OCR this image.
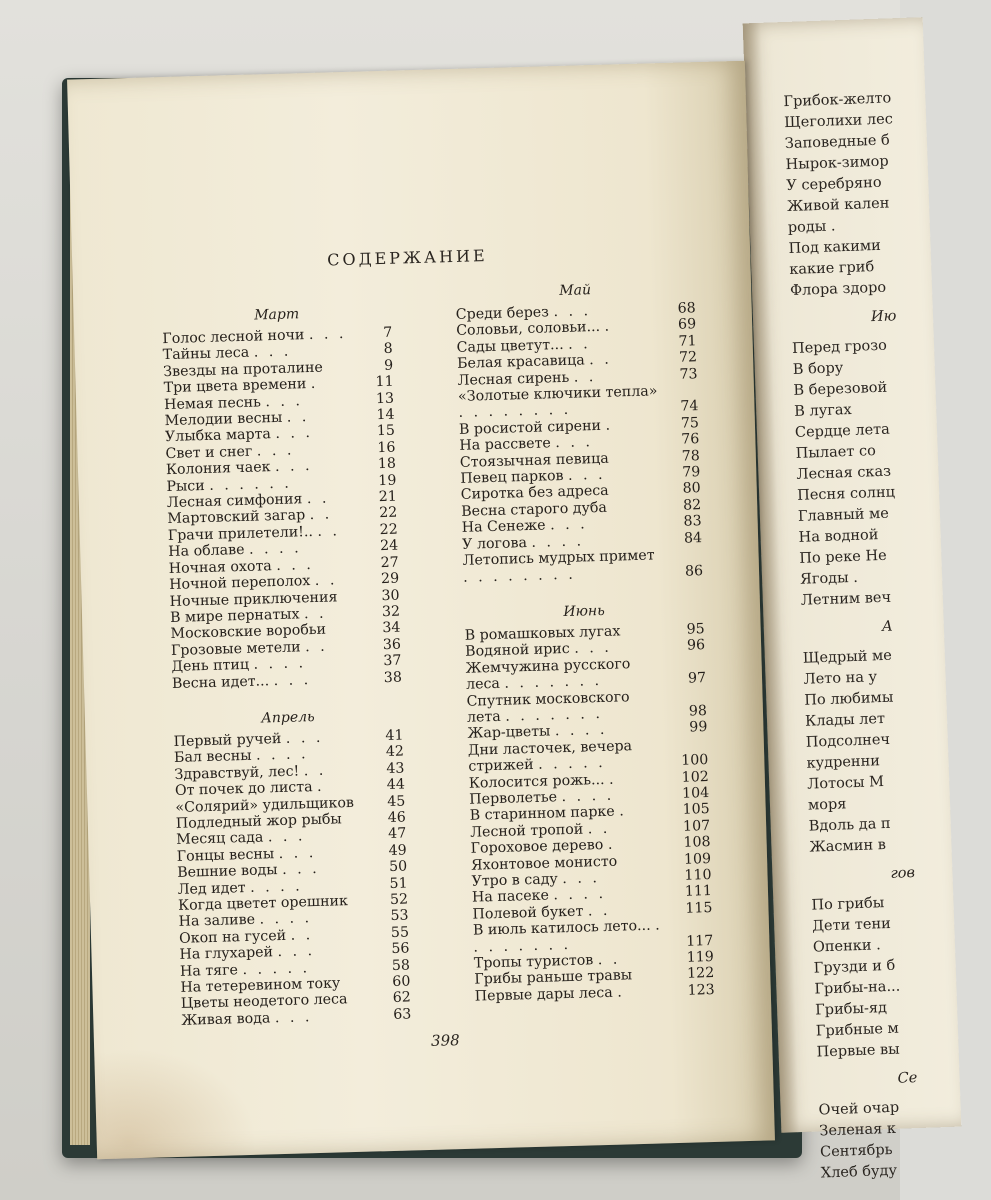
Грибок-желто
Щеголихи лес
Заповедные б
Нырок-зимор
У серебряно
Живой кален
роды .
Под какими
какие гриб
Флора здоро
Ию
Перед грозо
В бору
В березовой
В лугах
Сердце лета
Пылает со
Лесная сказ
Песня солнц
Главный ме
На водной
По реке Не
Ягоды .
Летним веч
А
Щедрый ме
Лето на у
По любимы
Клады лет
Подсолнеч
кудренни
Лотосы М
моря
Вдоль да п
Жасмин в
гов
По грибы
Дети тени
Опенки .
Грузди и б
Грибы-на...
Грибы-яд
Грибные м
Первые вы
Се
Очей очар
Зеленая к
Сентябрь
Хлеб буду
СОДЕРЖАНИЕ
Март
Голос лесной ночи . . .	7
Тайны леса . . .	8
Звезды на проталине	9
Три цвета времени .	11
Немая песнь . . .	13
Мелодии весны . .	14
Улыбка марта . . .	15
Свет и снег . . .	16
Колония чаек . . .	18
Рыси . . . . . .	19
Лесная симфония . .	21
Мартовский загар . .	22
Грачи прилетели!.. . .	22
На облаве . . . .	24
Ночная охота . . .	27
Ночной переполох . .	29
Ночные приключения	30
В мире пернатых . .	32
Московские воробьи	34
Грозовые метели . .	36
День птиц . . . .	37
Весна идет... . . .	38
Апрель
Первый ручей . . .	41
Бал весны . . . .	42
Здравствуй, лес! . .	43
От почек до листа .	44
«Солярий» удильщиков	45
Подледный жор рыбы	46
Месяц сада . . .	47
Гонцы весны . . .	49
Вешние воды . . .	50
Лед идет . . . .	51
Когда цветет орешник	52
На заливе . . . .	53
Окоп на гусей . .	55
На глухарей . . .	56
На тяге . . . . .	58
На тетеревином току	60
Цветы неодетого леса	62
Живая вода . . .	63
Май
Среди берез . . .	68
Соловьи, соловьи... .	69
Сады цветут... . .	71
Белая красавица . .	72
Лесная сирень . .	73
«Золотые ключики тепла» . . . . . . . .	74
В росистой сирени .	75
На рассвете . . .	76
Стоязычная певица	78
Певец парков . . .	79
Сиротка без адреса	80
Весна старого дуба	82
На Сенеже . . .	83
У логова . . . .	84
Летопись мудрых примет . . . . . . . .	86
Июнь
В ромашковых лугах	95
Водяной ирис . . .	96
Жемчужина русского леса . . . . . . .	97
Спутник московского лета . . . . . . .	98
Жар-цветы . . . .	99
Дни ласточек, вечера стрижей . . . . .	100
Колосится рожь... .	102
Перволетье . . . .	104
В старинном парке .	105
Лесной тропой . .	107
Гороховое дерево .	108
Яхонтовое монисто	109
Утро в саду . . .	110
На пасеке . . . .	111
Полевой букет . .	115
В июль катилось лето... . . . . . . . .	117
Тропы туристов . .	119
Грибы раньше травы	122
Первые дары леса .	123
398
